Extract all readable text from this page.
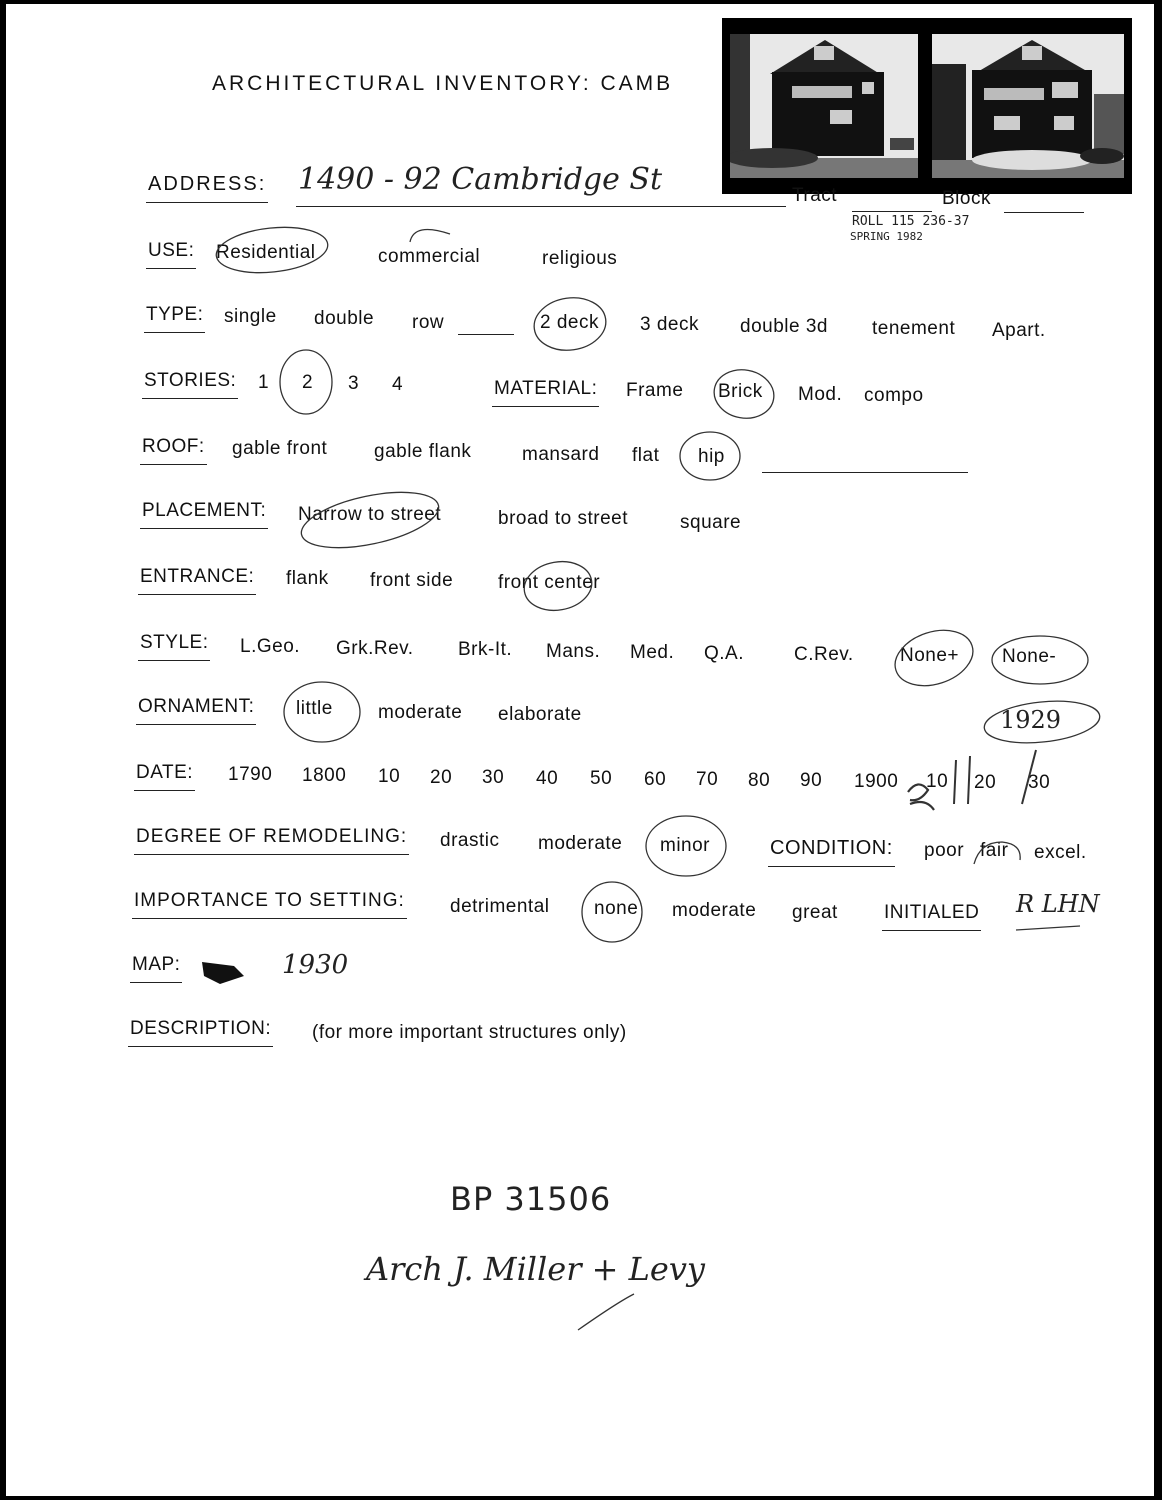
ARCHITECTURAL INVENTORY: CAMB
ADDRESS: 1490 - 92 Cambridge St	Tract	Block
ROLL 115 236-37
SPRING 1982
USE: Residential	commercial	religious
TYPE: single double row	2 deck 3 deck double 3d tenement Apart.
STORIES: 1 2 3 4	MATERIAL: Frame Brick Mod. compo
ROOF: gable front gable flank	mansard flat hip
PLACEMENT: Narrow to street	broad to street	square
ENTRANCE: flank front side front center
STYLE: L.Geo. Grk.Rev. Brk-It. Mans. Med. Q.A.	C.Rev. None+ None-
ORNAMENT: little moderate elaborate	1929
DATE: 1790 1800 10 20 30 40 50 60 70 80 90 1900 10 20 30
DEGREE OF REMODELING: drastic moderate minor	CONDITION: poor fair excel.
IMPORTANCE TO SETTING: detrimental none moderate great INITIALED R LHN
MAP:	1930
DESCRIPTION: (for more important structures only)
BP 31506
Arch J. Miller + Levy
